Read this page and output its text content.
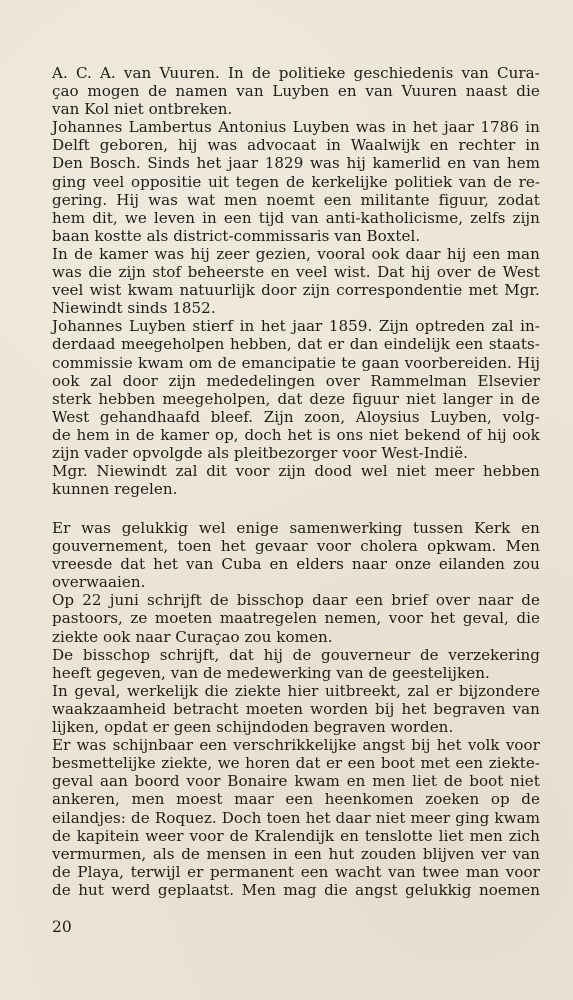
A. C. A. van Vuuren. In de politieke geschiedenis van Cura-
çao mogen de namen van Luyben en van Vuuren naast die
van Kol niet ontbreken.
Johannes Lambertus Antonius Luyben was in het jaar 1786 in
Delft geboren, hij was advocaat in Waalwijk en rechter in
Den Bosch. Sinds het jaar 1829 was hij kamerlid en van hem
ging veel oppositie uit tegen de kerkelijke politiek van de re-
gering. Hij was wat men noemt een militante figuur, zodat
hem dit, we leven in een tijd van anti-katholicisme, zelfs zijn
baan kostte als district-commissaris van Boxtel.
In de kamer was hij zeer gezien, vooral ook daar hij een man
was die zijn stof beheerste en veel wist. Dat hij over de West
veel wist kwam natuurlijk door zijn correspondentie met Mgr.
Niewindt sinds 1852.
Johannes Luyben stierf in het jaar 1859. Zijn optreden zal in-
derdaad meegeholpen hebben, dat er dan eindelijk een staats-
commissie kwam om de emancipatie te gaan voorbereiden. Hij
ook zal door zijn mededelingen over Rammelman Elsevier
sterk hebben meegeholpen, dat deze figuur niet langer in de
West gehandhaafd bleef. Zijn zoon, Aloysius Luyben, volg-
de hem in de kamer op, doch het is ons niet bekend of hij ook
zijn vader opvolgde als pleitbezorger voor West-Indië.
Mgr. Niewindt zal dit voor zijn dood wel niet meer hebben
kunnen regelen.
Er was gelukkig wel enige samenwerking tussen Kerk en
gouvernement, toen het gevaar voor cholera opkwam. Men
vreesde dat het van Cuba en elders naar onze eilanden zou
overwaaien.
Op 22 juni schrijft de bisschop daar een brief over naar de
pastoors, ze moeten maatregelen nemen, voor het geval, die
ziekte ook naar Curaçao zou komen.
De bisschop schrijft, dat hij de gouverneur de verzekering
heeft gegeven, van de medewerking van de geestelijken.
In geval, werkelijk die ziekte hier uitbreekt, zal er bijzondere
waakzaamheid betracht moeten worden bij het begraven van
lijken, opdat er geen schijndoden begraven worden.
Er was schijnbaar een verschrikkelijke angst bij het volk voor
besmettelijke ziekte, we horen dat er een boot met een ziekte-
geval aan boord voor Bonaire kwam en men liet de boot niet
ankeren, men moest maar een heenkomen zoeken op de
eilandjes: de Roquez. Doch toen het daar niet meer ging kwam
de kapitein weer voor de Kralendijk en tenslotte liet men zich
vermurmen, als de mensen in een hut zouden blijven ver van
de Playa, terwijl er permanent een wacht van twee man voor
de hut werd geplaatst. Men mag die angst gelukkig noemen
20
